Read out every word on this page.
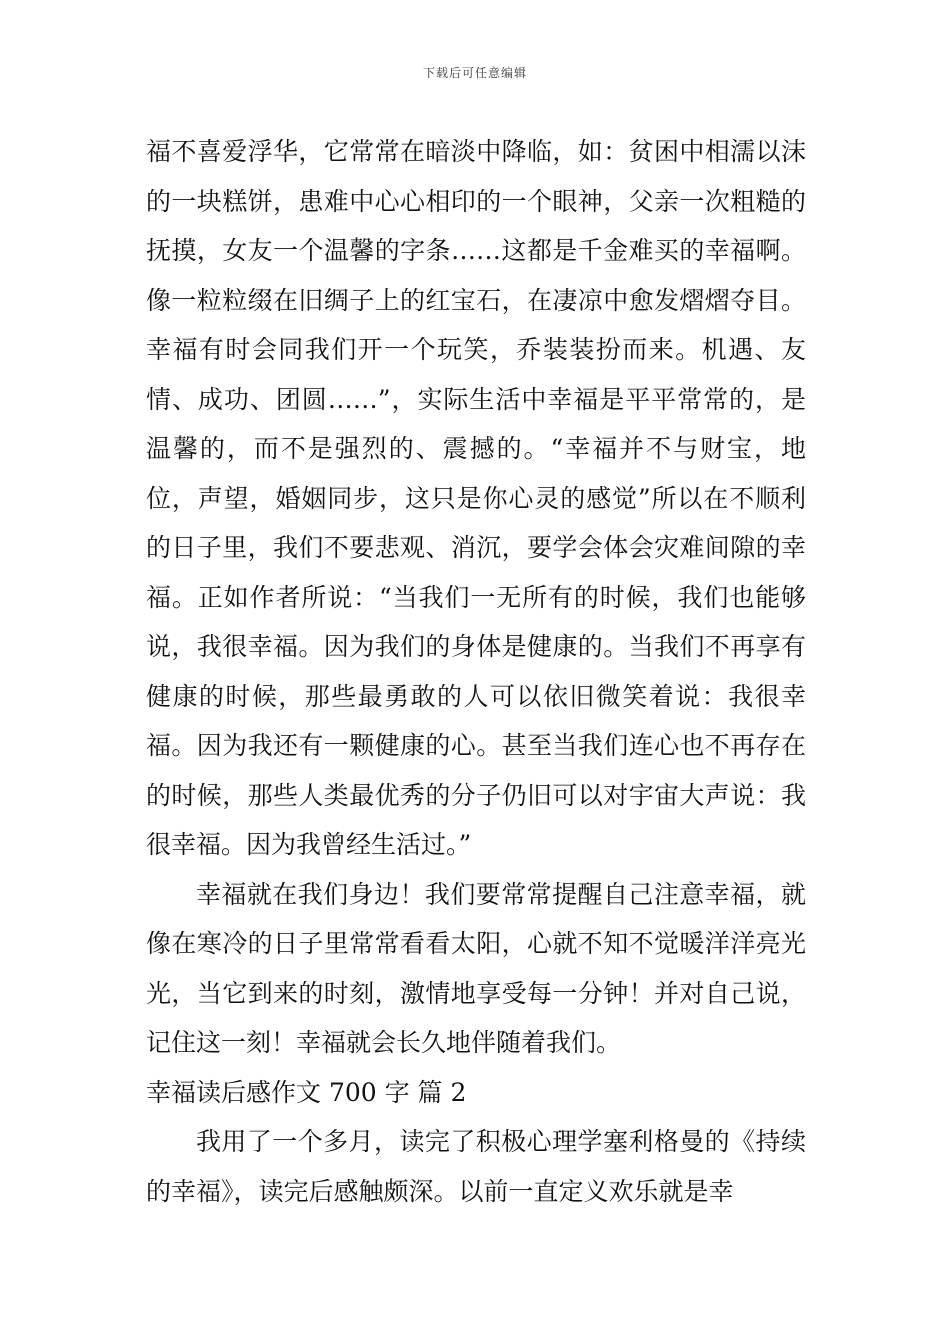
下载后可任意编辑

福不喜爱浮华，它常常在暗淡中降临，如：贫困中相濡以沫的一块糕饼，患难中心心相印的一个眼神，父亲一次粗糙的抚摸，女友一个温馨的字条……这都是千金难买的幸福啊。像一粒粒缀在旧绸子上的红宝石，在凄凉中愈发熠熠夺目。幸福有时会同我们开一个玩笑，乔装装扮而来。机遇、友情、成功、团圆……”，实际生活中幸福是平平常常的，是温馨的，而不是强烈的、震撼的。“幸福并不与财宝，地位，声望，婚姻同步，这只是你心灵的感觉”所以在不顺利的日子里，我们不要悲观、消沉，要学会体会灾难间隙的幸福。正如作者所说：“当我们一无所有的时候，我们也能够说，我很幸福。因为我们的身体是健康的。当我们不再享有健康的时候，那些最勇敢的人可以依旧微笑着说：我很幸福。因为我还有一颗健康的心。甚至当我们连心也不再存在的时候，那些人类最优秀的分子仍旧可以对宇宙大声说：我很幸福。因为我曾经生活过。”

幸福就在我们身边！我们要常常提醒自己注意幸福，就像在寒冷的日子里常常看看太阳，心就不知不觉暖洋洋亮光光，当它到来的时刻，激情地享受每一分钟！并对自己说，记住这一刻！幸福就会长久地伴随着我们。

幸福读后感作文 700 字 篇 2

我用了一个多月，读完了积极心理学塞利格曼的《持续的幸福》，读完后感触颇深。以前一直定义欢乐就是幸
